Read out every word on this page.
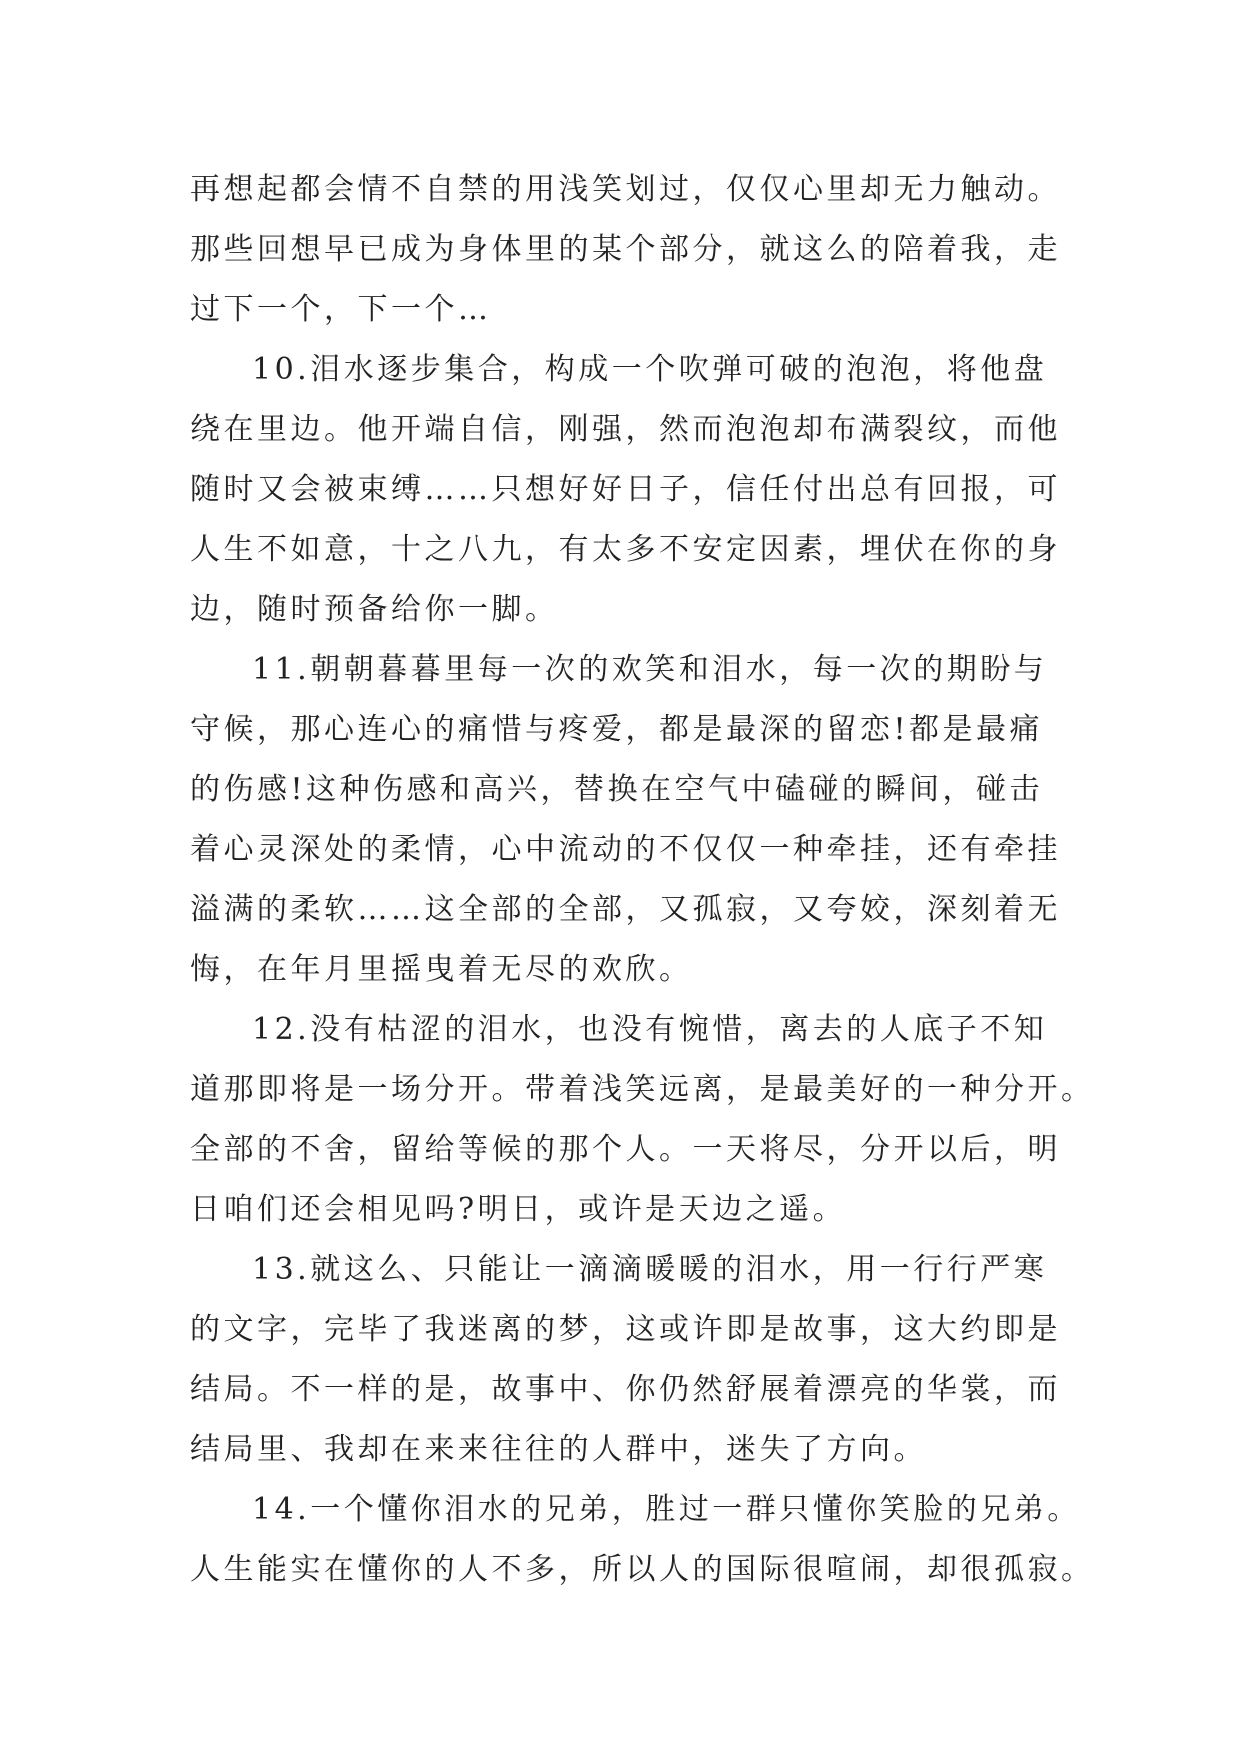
再想起都会情不自禁的用浅笑划过，仅仅心里却无力触动。
那些回想早已成为身体里的某个部分，就这么的陪着我，走
过下一个，下一个…
10.泪水逐步集合，构成一个吹弹可破的泡泡，将他盘
绕在里边。他开端自信，刚强，然而泡泡却布满裂纹，而他
随时又会被束缚……只想好好日子，信任付出总有回报，可
人生不如意，十之八九，有太多不安定因素，埋伏在你的身
边，随时预备给你一脚。
11.朝朝暮暮里每一次的欢笑和泪水，每一次的期盼与
守候，那心连心的痛惜与疼爱，都是最深的留恋!都是最痛
的伤感!这种伤感和高兴，替换在空气中磕碰的瞬间，碰击
着心灵深处的柔情，心中流动的不仅仅一种牵挂，还有牵挂
溢满的柔软……这全部的全部，又孤寂，又夸姣，深刻着无
悔，在年月里摇曳着无尽的欢欣。
12.没有枯涩的泪水，也没有惋惜，离去的人底子不知
道那即将是一场分开。带着浅笑远离，是最美好的一种分开。
全部的不舍，留给等候的那个人。一天将尽，分开以后，明
日咱们还会相见吗?明日，或许是天边之遥。
13.就这么、只能让一滴滴暖暖的泪水，用一行行严寒
的文字，完毕了我迷离的梦，这或许即是故事，这大约即是
结局。不一样的是，故事中、你仍然舒展着漂亮的华裳，而
结局里、我却在来来往往的人群中，迷失了方向。
14.一个懂你泪水的兄弟，胜过一群只懂你笑脸的兄弟。
人生能实在懂你的人不多，所以人的国际很喧闹，却很孤寂。
